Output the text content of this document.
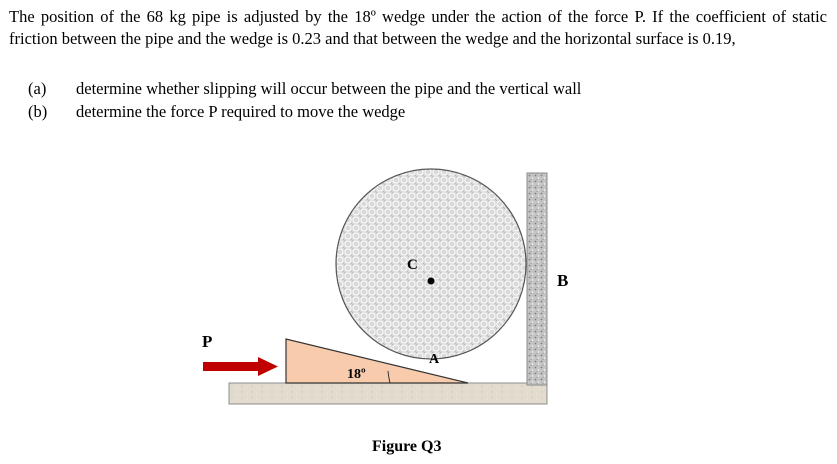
The position of the 68 kg pipe is adjusted by the 18º wedge under the action of the force P. If the coefficient of static friction between the pipe and the wedge is 0.23 and that between the wedge and the horizontal surface is 0.19,

(a)	determine whether slipping will occur between the pipe and the vertical wall
(b)	determine the force P required to move the wedge
P
C
A
B
18º
Figure Q3
